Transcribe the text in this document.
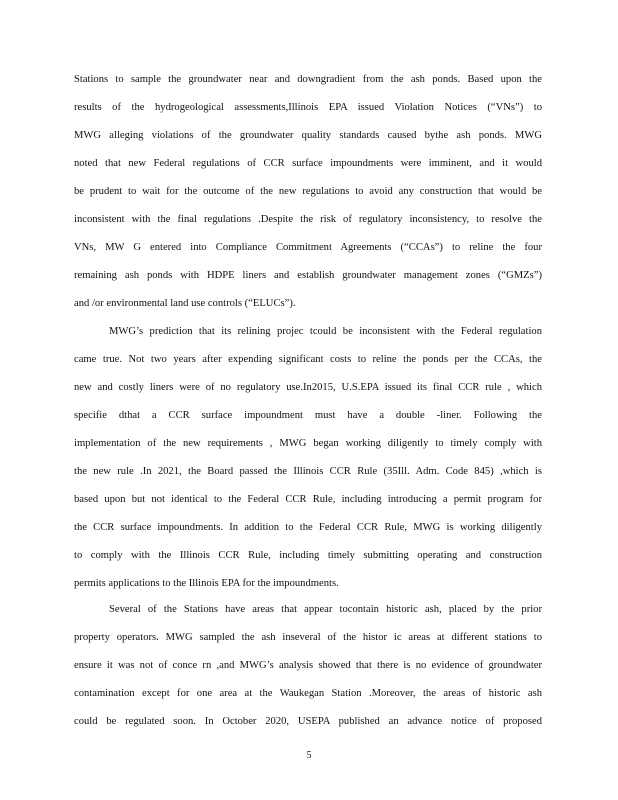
Stations to sample the groundwater near and downgradient from the ash ponds. Based upon the
results of the hydrogeological assessments,Illinois EPA issued Violation Notices (“VNs”) to
MWG alleging violations of the groundwater quality standards caused bythe ash ponds. MWG
noted that new Federal regulations of CCR surface impoundments were imminent, and it would
be prudent to wait for the outcome of the new regulations to avoid any construction that would be
inconsistent with the final regulations .Despite the risk of regulatory inconsistency, to resolve the
VNs, MW G entered into Compliance Commitment Agreements (“CCAs”) to reline the four
remaining ash ponds with HDPE liners and establish groundwater management zones (“GMZs”)
and /or environmental land use controls (“ELUCs”).
MWG’s prediction that its relining projec tcould be inconsistent with the Federal regulation
came true. Not two years after expending significant costs to reline the ponds per the CCAs, the
new and costly liners were of no regulatory use.In2015, U.S.EPA issued its final CCR rule , which
specifie dthat a CCR surface impoundment must have a double -liner. Following the
implementation of the new requirements , MWG began working diligently to timely comply with
the new rule .In 2021, the Board passed the Illinois CCR Rule (35Ill. Adm. Code 845) ,which is
based upon but not identical to the Federal CCR Rule, including introducing a permit program for
the CCR surface impoundments. In addition to the Federal CCR Rule, MWG is working diligently
to comply with the Illinois CCR Rule, including timely submitting operating and construction
permits applications to the Illinois EPA for the impoundments.
Several of the Stations have areas that appear tocontain historic ash, placed by the prior
property operators. MWG sampled the ash inseveral of the histor ic areas at different stations to
ensure it was not of conce rn ,and MWG’s analysis showed that there is no evidence of groundwater
contamination except for one area at the Waukegan Station .Moreover, the areas of historic ash
could be regulated soon. In October 2020, USEPA published an advance notice of proposed
5
